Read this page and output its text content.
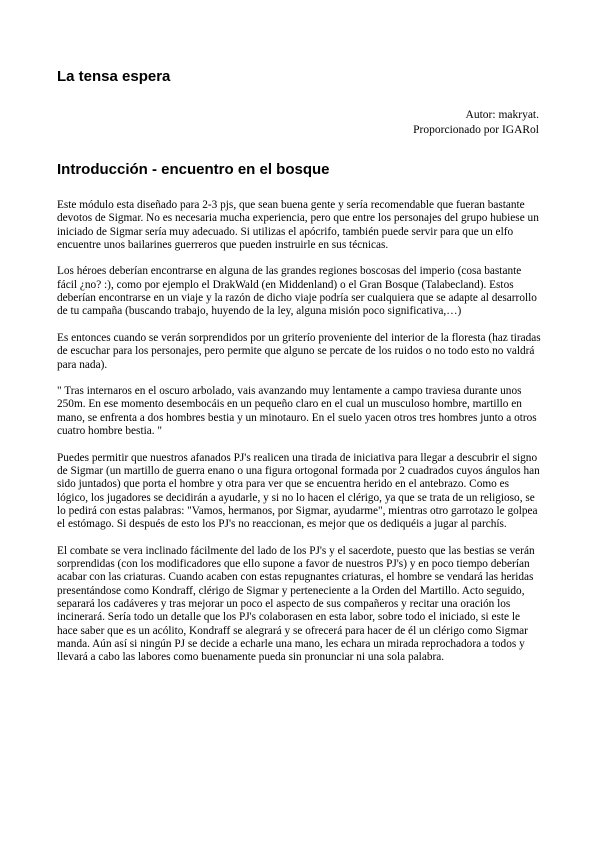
La tensa espera
Autor: makryat.
Proporcionado por IGARol
Introducción - encuentro en el bosque

Este módulo esta diseñado para 2-3 pjs, que sean buena gente y sería recomendable que fueran bastante devotos de Sigmar. No es necesaria mucha experiencia, pero que entre los personajes del grupo hubiese un iniciado de Sigmar sería muy adecuado. Si utilizas el apócrifo, también puede servir para que un elfo encuentre unos bailarines guerreros que pueden instruirle en sus técnicas.

Los héroes deberían encontrarse en alguna de las grandes regiones boscosas del imperio (cosa bastante fácil ¿no? :), como por ejemplo el DrakWald (en Middenland) o el Gran Bosque (Talabecland). Estos deberían encontrarse en un viaje y la razón de dicho viaje podría ser cualquiera que se adapte al desarrollo de tu campaña (buscando trabajo, huyendo de la ley, alguna misión poco significativa,…)

Es entonces cuando se verán sorprendidos por un griterío proveniente del interior de la floresta (haz tiradas de escuchar para los personajes, pero permite que alguno se percate de los ruidos o no todo esto no valdrá para nada).

" Tras internaros en el oscuro arbolado, vais avanzando muy lentamente a campo traviesa durante unos 250m. En ese momento desembocáis en un pequeño claro en el cual un musculoso hombre, martillo en mano, se enfrenta a dos hombres bestia y un minotauro. En el suelo yacen otros tres hombres junto a otros cuatro hombre bestia. "

Puedes permitir que nuestros afanados PJ's realicen una tirada de iniciativa para llegar a descubrir el signo de Sigmar (un martillo de guerra enano o una figura ortogonal formada por 2 cuadrados cuyos ángulos han sido juntados) que porta el hombre y otra para ver que se encuentra herido en el antebrazo. Como es lógico, los jugadores se decidirán a ayudarle, y si no lo hacen el clérigo, ya que se trata de un religioso, se lo pedirá con estas palabras: "Vamos, hermanos, por Sigmar, ayudarme", mientras otro garrotazo le golpea el estómago. Si después de esto los PJ's no reaccionan, es mejor que os dediquéis a jugar al parchís.

El combate se vera inclinado fácilmente del lado de los PJ's y el sacerdote, puesto que las bestias se verán sorprendidas (con los modificadores que ello supone a favor de nuestros PJ's) y en poco tiempo deberían acabar con las criaturas. Cuando acaben con estas repugnantes criaturas, el hombre se vendará las heridas presentándose como Kondraff, clérigo de Sigmar y perteneciente a la Orden del Martillo. Acto seguido, separará los cadáveres y tras mejorar un poco el aspecto de sus compañeros y recitar una oración los incinerará. Sería todo un detalle que los PJ's colaborasen en esta labor, sobre todo el iniciado, si este le hace saber que es un acólito, Kondraff se alegrará y se ofrecerá para hacer de él un clérigo como Sigmar manda. Aún así si ningún PJ se decide a echarle una mano, les echara un mirada reprochadora a todos y llevará a cabo las labores como buenamente pueda sin pronunciar ni una sola palabra.
